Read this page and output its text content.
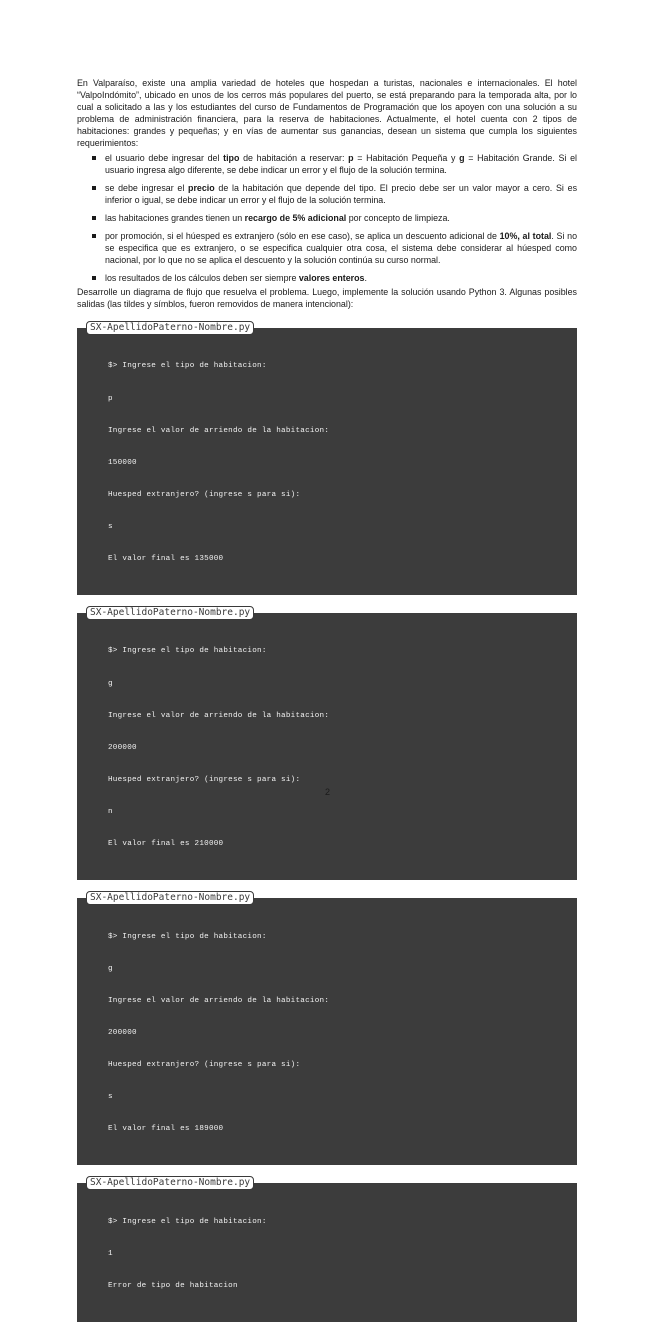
En Valparaíso, existe una amplia variedad de hoteles que hospedan a turistas, nacionales e internacionales. El hotel “ValpoIndómito”, ubicado en unos de los cerros más populares del puerto, se está preparando para la temporada alta, por lo cual a solicitado a las y los estudiantes del curso de Fundamentos de Programación que los apoyen con una solución a su problema de administración financiera, para la reserva de habitaciones. Actualmente, el hotel cuenta con 2 tipos de habitaciones: grandes y pequeñas; y en vías de aumentar sus ganancias, desean un sistema que cumpla los siguientes requerimientos:

el usuario debe ingresar del tipo de habitación a reservar: p = Habitación Pequeña y g = Habitación Grande. Si el usuario ingresa algo diferente, se debe indicar un error y el flujo de la solución termina.
se debe ingresar el precio de la habitación que depende del tipo. El precio debe ser un valor mayor a cero. Si es inferior o igual, se debe indicar un error y el flujo de la solución termina.
las habitaciones grandes tienen un recargo de 5% adicional por concepto de limpieza.
por promoción, si el húesped es extranjero (sólo en ese caso), se aplica un descuento adicional de 10%, al total. Si no se especifica que es extranjero, o se especifica cualquier otra cosa, el sistema debe considerar al húesped como nacional, por lo que no se aplica el descuento y la solución continúa su curso normal.
los resultados de los cálculos deben ser siempre valores enteros.

Desarrolle un diagrama de flujo que resuelva el problema. Luego, implemente la solución usando Python 3. Algunas posibles salidas (las tildes y símblos, fueron removidos de manera intencional):

SX-ApellidoPaterno-Nombre.py

$> Ingrese el tipo de habitacion:

p

Ingrese el valor de arriendo de la habitacion:

150000

Huesped extranjero? (ingrese s para si):

s

El valor final es 135000

SX-ApellidoPaterno-Nombre.py

$> Ingrese el tipo de habitacion:

g

Ingrese el valor de arriendo de la habitacion:

200000

Huesped extranjero? (ingrese s para si):

n

El valor final es 210000

SX-ApellidoPaterno-Nombre.py

$> Ingrese el tipo de habitacion:

g

Ingrese el valor de arriendo de la habitacion:

200000

Huesped extranjero? (ingrese s para si):

s

El valor final es 189000

SX-ApellidoPaterno-Nombre.py

$> Ingrese el tipo de habitacion:

1

Error de tipo de habitacion

2
